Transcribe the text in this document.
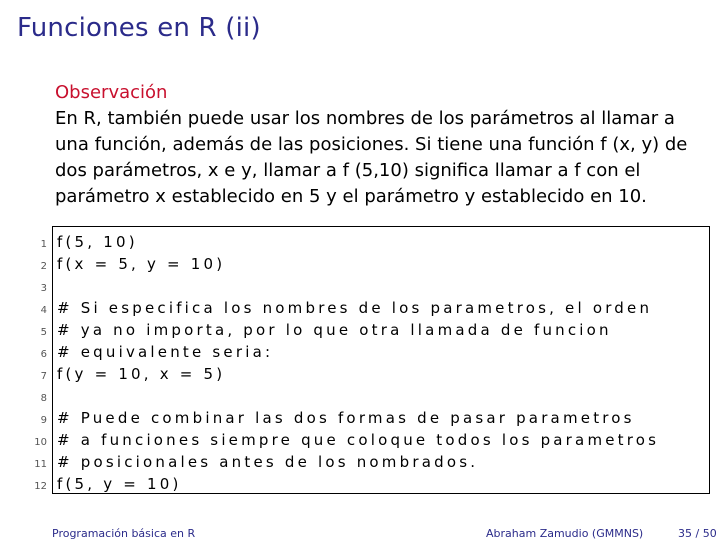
Funciones en R (ii)
Observación
En R, también puede usar los nombres de los parámetros al llamar a
una función, además de las posiciones. Si tiene una función f (x, y) de
dos parámetros, x e y, llamar a f (5,10) significa llamar a f con el
parámetro x establecido en 5 y el parámetro y establecido en 10.
1 f(5, 10)
2 f(x = 5, y = 10)
3
4 # Si especifica los nombres de los parametros, el orden
5 # ya no importa, por lo que otra llamada de funcion
6 # equivalente seria:
7 f(y = 10, x = 5)
8
9 # Puede combinar las dos formas de pasar parametros
10 # a funciones siempre que coloque todos los parametros
11 # posicionales antes de los nombrados.
12 f(5, y = 10)
Programación básica en R	Abraham Zamudio (GMMNS)	35 / 50
